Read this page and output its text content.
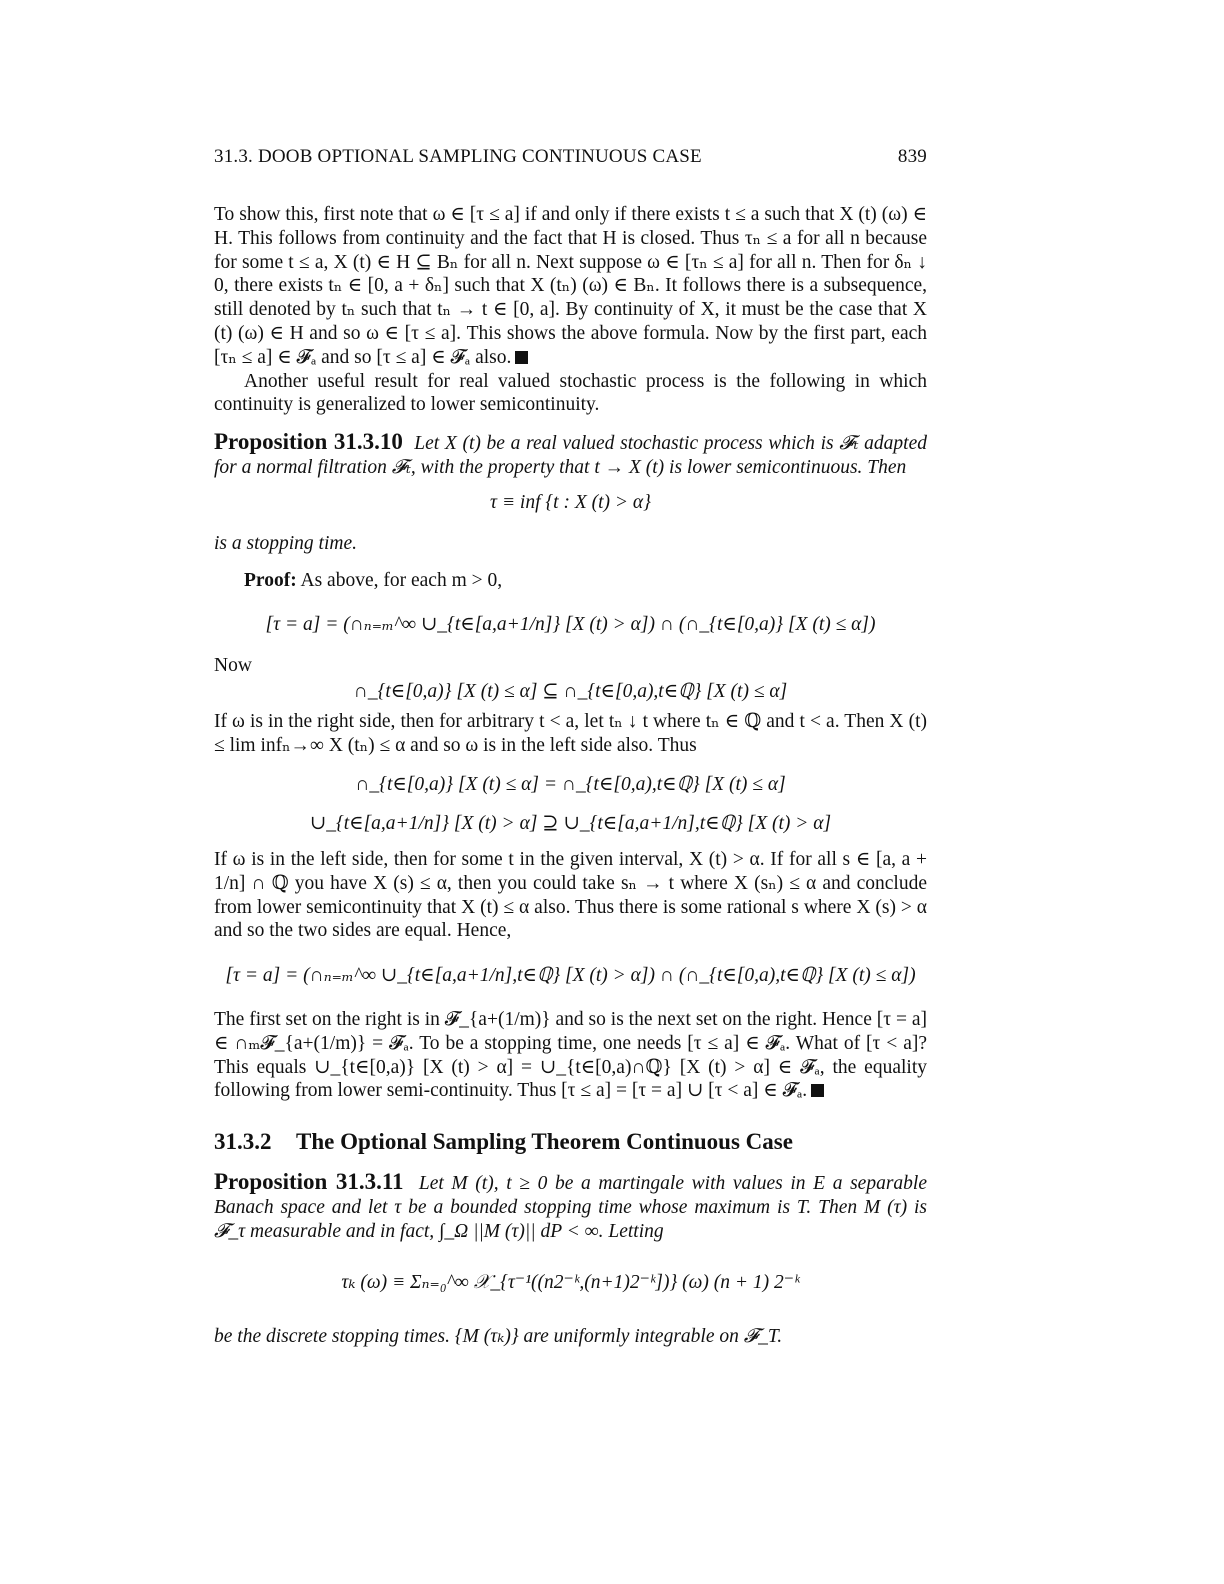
31.3. DOOB OPTIONAL SAMPLING CONTINUOUS CASE	839

To show this, first note that ω ∈ [τ ≤ a] if and only if there exists t ≤ a such that X (t) (ω) ∈ H. This follows from continuity and the fact that H is closed. Thus τₙ ≤ a for all n because for some t ≤ a, X (t) ∈ H ⊆ Bₙ for all n. Next suppose ω ∈ [τₙ ≤ a] for all n. Then for δₙ ↓ 0, there exists tₙ ∈ [0, a + δₙ] such that X (tₙ) (ω) ∈ Bₙ. It follows there is a subsequence, still denoted by tₙ such that tₙ → t ∈ [0, a]. By continuity of X, it must be the case that X (t) (ω) ∈ H and so ω ∈ [τ ≤ a]. This shows the above formula. Now by the first part, each [τₙ ≤ a] ∈ 𝓕ₐ and so [τ ≤ a] ∈ 𝓕ₐ also.

Another useful result for real valued stochastic process is the following in which continuity is generalized to lower semicontinuity.

Proposition 31.3.10 Let X (t) be a real valued stochastic process which is 𝓕ₜ adapted for a normal filtration 𝓕ₜ, with the property that t → X (t) is lower semicontinuous. Then

τ ≡ inf {t : X (t) > α}
is a stopping time.

Proof: As above, for each m > 0,

[τ = a] = (∩ₙ₌ₘ^∞ ∪_{t∈[a,a+1/n]} [X (t) > α]) ∩ (∩_{t∈[0,a)} [X (t) ≤ α])
Now
∩_{t∈[0,a)} [X (t) ≤ α] ⊆ ∩_{t∈[0,a),t∈ℚ} [X (t) ≤ α]
If ω is in the right side, then for arbitrary t < a, let tₙ ↓ t where tₙ ∈ ℚ and t < a. Then X (t) ≤ lim infₙ→∞ X (tₙ) ≤ α and so ω is in the left side also. Thus
∩_{t∈[0,a)} [X (t) ≤ α] = ∩_{t∈[0,a),t∈ℚ} [X (t) ≤ α]
∪_{t∈[a,a+1/n]} [X (t) > α] ⊇ ∪_{t∈[a,a+1/n],t∈ℚ} [X (t) > α]
If ω is in the left side, then for some t in the given interval, X (t) > α. If for all s ∈ [a, a + 1/n] ∩ ℚ you have X (s) ≤ α, then you could take sₙ → t where X (sₙ) ≤ α and conclude from lower semicontinuity that X (t) ≤ α also. Thus there is some rational s where X (s) > α and so the two sides are equal. Hence,
[τ = a] = (∩ₙ₌ₘ^∞ ∪_{t∈[a,a+1/n],t∈ℚ} [X (t) > α]) ∩ (∩_{t∈[0,a),t∈ℚ} [X (t) ≤ α])

The first set on the right is in 𝓕_{a+(1/m)} and so is the next set on the right. Hence [τ = a] ∈ ∩ₘ𝓕_{a+(1/m)} = 𝓕ₐ. To be a stopping time, one needs [τ ≤ a] ∈ 𝓕ₐ. What of [τ < a]? This equals ∪_{t∈[0,a)} [X (t) > α] = ∪_{t∈[0,a)∩ℚ} [X (t) > α] ∈ 𝓕ₐ, the equality following from lower semi-continuity. Thus [τ ≤ a] = [τ = a] ∪ [τ < a] ∈ 𝓕ₐ.

31.3.2 The Optional Sampling Theorem Continuous Case

Proposition 31.3.11 Let M (t), t ≥ 0 be a martingale with values in E a separable Banach space and let τ be a bounded stopping time whose maximum is T. Then M (τ) is 𝓕_τ measurable and in fact, ∫_Ω ||M (τ)|| dP < ∞. Letting

τₖ (ω) ≡ Σₙ₌₀^∞ 𝒳_{τ⁻¹((n2⁻ᵏ,(n+1)2⁻ᵏ])} (ω) (n + 1) 2⁻ᵏ
be the discrete stopping times. {M (τₖ)} are uniformly integrable on 𝓕_T.
